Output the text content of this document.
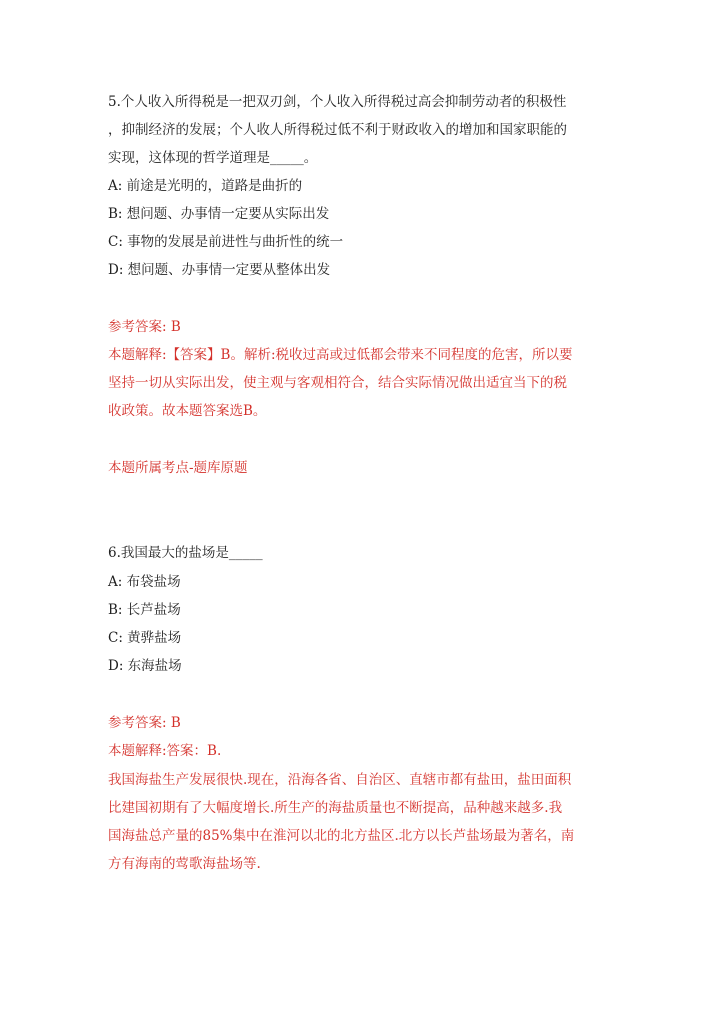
5.个人收入所得税是一把双刃剑，个人收入所得税过高会抑制劳动者的积极性
，抑制经济的发展；个人收人所得税过低不利于财政收入的增加和国家职能的
实现，这体现的哲学道理是_____。
A: 前途是光明的，道路是曲折的
B: 想问题、办事情一定要从实际出发
C: 事物的发展是前进性与曲折性的统一
D: 想问题、办事情一定要从整体出发
参考答案: B
本题解释:【答案】B。解析:税收过高或过低都会带来不同程度的危害，所以要
坚持一切从实际出发，使主观与客观相符合，结合实际情况做出适宜当下的税
收政策。故本题答案选B。
本题所属考点-题库原题
6.我国最大的盐场是_____
A: 布袋盐场
B: 长芦盐场
C: 黄骅盐场
D: 东海盐场
参考答案: B
本题解释:答案：B.
我国海盐生产发展很快.现在，沿海各省、自治区、直辖市都有盐田，盐田面积
比建国初期有了大幅度增长.所生产的海盐质量也不断提高，品种越来越多.我
国海盐总产量的85%集中在淮河以北的北方盐区.北方以长芦盐场最为著名，南
方有海南的莺歌海盐场等.
